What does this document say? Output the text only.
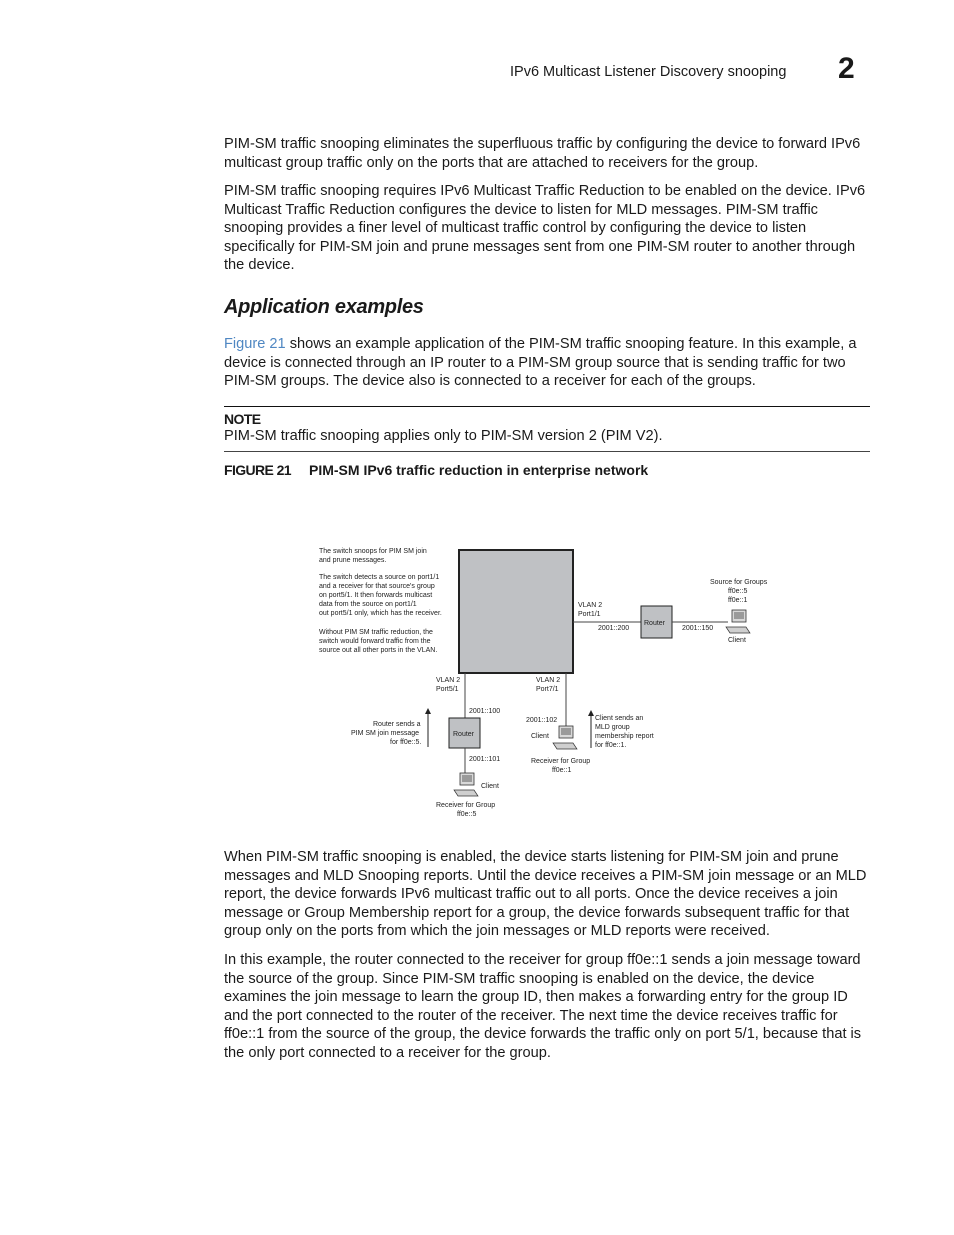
IPv6 Multicast Listener Discovery snooping 2

PIM-SM traffic snooping eliminates the superfluous traffic by configuring the device to forward IPv6 multicast group traffic only on the ports that are attached to receivers for the group.

PIM-SM traffic snooping requires IPv6 Multicast Traffic Reduction to be enabled on the device. IPv6 Multicast Traffic Reduction configures the device to listen for MLD messages. PIM-SM traffic snooping provides a finer level of multicast traffic control by configuring the device to listen specifically for PIM-SM join and prune messages sent from one PIM-SM router to another through the device.

Application examples

Figure 21 shows an example application of the PIM-SM traffic snooping feature. In this example, a device is connected through an IP router to a PIM-SM group source that is sending traffic for two PIM-SM groups. The device also is connected to a receiver for each of the groups.

NOTE
PIM-SM traffic snooping applies only to PIM-SM version 2 (PIM V2).
FIGURE 21 PIM-SM IPv6 traffic reduction in enterprise network
The switch snoops for PIM SM join
and prune messages.
The switch detects a source on port1/1
and a receiver for that source's group
on port5/1. It then forwards multicast
data from the source on port1/1
out port5/1 only, which has the receiver.
Without PIM SM traffic reduction, the
switch would forward traffic from the
source out all other ports in the VLAN.
VLAN 2
Port1/1
2001::200
Router
2001::150
Source for Groups
ff0e::5
ff0e::1
Client
VLAN 2
Port5/1
2001::100
Router
Router sends a
PIM SM join message
for ff0e::5.
2001::101
Client
Receiver for Group
ff0e::5
VLAN 2
Port7/1
2001::102
Client
Receiver for Group
ff0e::1
Client sends an
MLD group
membership report
for ff0e::1.

When PIM-SM traffic snooping is enabled, the device starts listening for PIM-SM join and prune messages and MLD Snooping reports. Until the device receives a PIM-SM join message or an MLD report, the device forwards IPv6 multicast traffic out to all ports. Once the device receives a join message or Group Membership report for a group, the device forwards subsequent traffic for that group only on the ports from which the join messages or MLD reports were received.

In this example, the router connected to the receiver for group ff0e::1 sends a join message toward the source of the group. Since PIM-SM traffic snooping is enabled on the device, the device examines the join message to learn the group ID, then makes a forwarding entry for the group ID and the port connected to the router of the receiver. The next time the device receives traffic for ff0e::1 from the source of the group, the device forwards the traffic only on port 5/1, because that is the only port connected to a receiver for the group.
